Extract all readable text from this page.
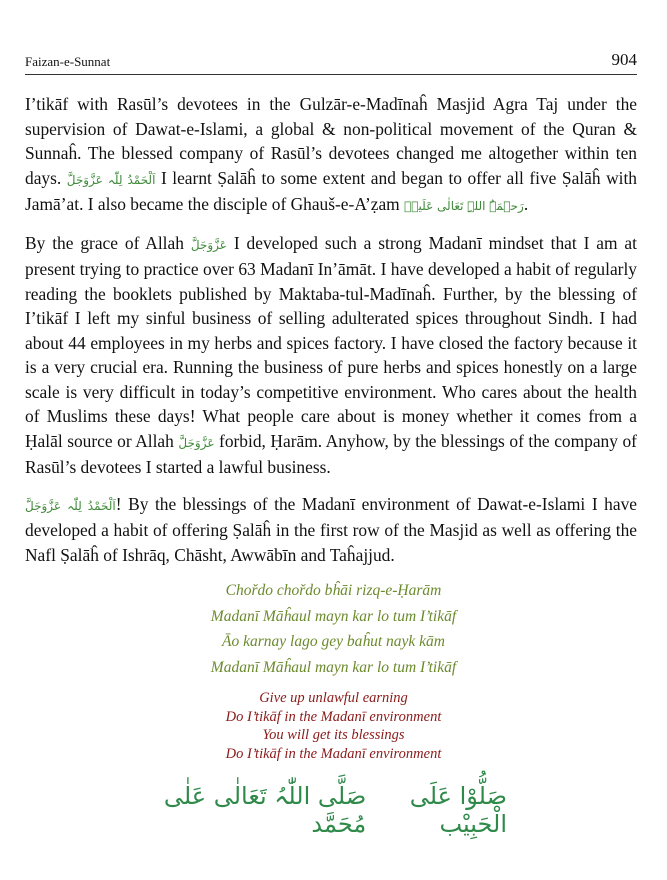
Faizan-e-Sunnat	904

I’tikāf with Rasūl’s devotees in the Gulzār-e-Madīnaĥ Masjid Agra Taj under the supervision of Dawat-e-Islami, a global & non-political movement of the Quran & Sunnaĥ. The blessed company of Rasūl’s devotees changed me altogether within ten days. اَلْحَمْدُ لِلّٰہ عَزَّوَجَلَّ I learnt Ṣalāĥ to some extent and began to offer all five Ṣalāĥ with Jamā’at. I also became the disciple of Ghauš-e-A’ẓam رَحۡمَۃُ اللہِ تَعَالٰی عَلَیۡہ.

By the grace of Allah عَزَّوَجَلَّ I developed such a strong Madanī mindset that I am at present trying to practice over 63 Madanī In’āmāt. I have developed a habit of regularly reading the booklets published by Maktaba-tul-Madīnaĥ. Further, by the blessing of I’tikāf I left my sinful business of selling adulterated spices throughout Sindh. I had about 44 employees in my herbs and spices factory. I have closed the factory because it is a very crucial era. Running the business of pure herbs and spices honestly on a large scale is very difficult in today’s competitive environment. Who cares about the health of Muslims these days! What people care about is money whether it comes from a Ḥalāl source or Allah عَزَّوَجَلَّ forbid, Ḥarām. Anyhow, by the blessings of the company of Rasūl’s devotees I started a lawful business.

اَلْحَمْدُ لِلّٰہ عَزَّوَجَلَّ! By the blessings of the Madanī environment of Dawat-e-Islami I have developed a habit of offering Ṣalāĥ in the first row of the Masjid as well as offering the Nafl Ṣalāĥ of Ishrāq, Chāsht, Awwābīn and Taĥajjud.

Chořdo chořdo bĥāi rizq-e-Ḥarām
Madanī Māĥaul mayn kar lo tum I’tikāf
Āo karnay lago gey baĥut nayk kām
Madanī Māĥaul mayn kar lo tum I’tikāf
Give up unlawful earning
Do I’tikāf in the Madanī environment
You will get its blessings
Do I’tikāf in the Madanī environment
صَلُّوْا عَلَی الْحَبِیْب
صَلَّی اللّٰہُ تَعَالٰی عَلٰی مُحَمَّد
